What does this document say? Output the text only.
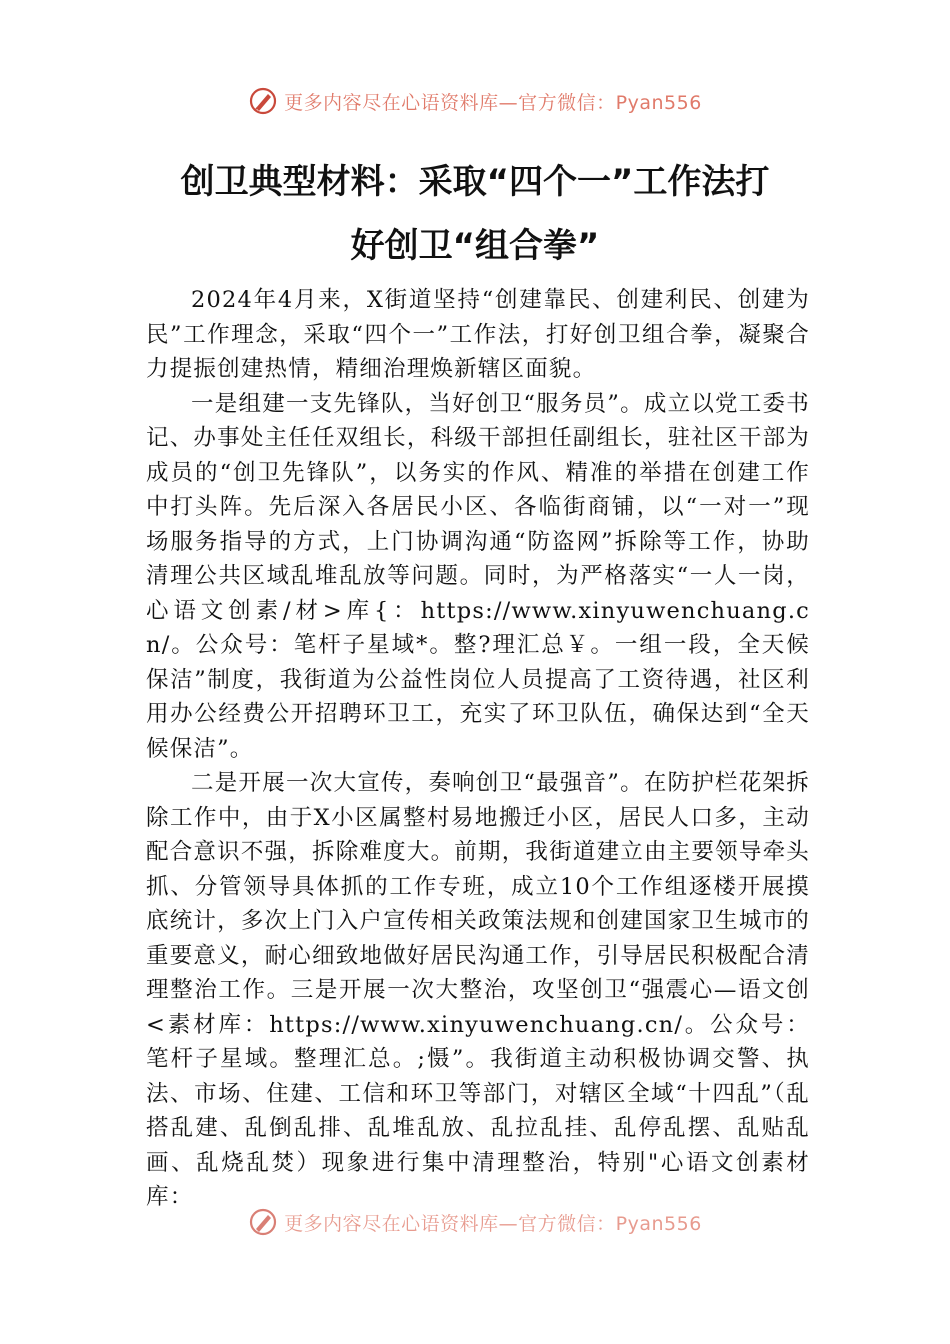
更多内容尽在心语资料库—官方微信：Pyan556
创卫典型材料：采取“四个一”工作法打
好创卫“组合拳”

2024年4月来，X街道坚持“创建靠民、创建利民、创建为民”工作理念，采取“四个一”工作法，打好创卫组合拳，凝聚合力提振创建热情，精细治理焕新辖区面貌。

一是组建一支先锋队，当好创卫“服务员”。成立以党工委书记、办事处主任任双组长，科级干部担任副组长，驻社区干部为成员的“创卫先锋队”，以务实的作风、精准的举措在创建工作中打头阵。先后深入各居民小区、各临街商铺，以“一对一”现场服务指导的方式，上门协调沟通“防盗网”拆除等工作，协助清理公共区域乱堆乱放等问题。同时，为严格落实“一人一岗，心语文创素/材>库{：https://www.xinyuwenchuang.cn/。公众号：笔杆子星域*。整?理汇总￥。一组一段，全天候保洁”制度，我街道为公益性岗位人员提高了工资待遇，社区利用办公经费公开招聘环卫工，充实了环卫队伍，确保达到“全天候保洁”。

二是开展一次大宣传，奏响创卫“最强音”。在防护栏花架拆除工作中，由于X小区属整村易地搬迁小区，居民人口多，主动配合意识不强，拆除难度大。前期，我街道建立由主要领导牵头抓、分管领导具体抓的工作专班，成立10个工作组逐楼开展摸底统计，多次上门入户宣传相关政策法规和创建国家卫生城市的重要意义，耐心细致地做好居民沟通工作，引导居民积极配合清理整治工作。三是开展一次大整治，攻坚创卫“强震心—语文创<素材库：https://www.xinyuwenchuang.cn/。公众号：笔杆子星域。整理汇总。;慑”。我街道主动积极协调交警、执法、市场、住建、工信和环卫等部门，对辖区全域“十四乱”（乱搭乱建、乱倒乱排、乱堆乱放、乱拉乱挂、乱停乱摆、乱贴乱画、乱烧乱焚）现象进行集中清理整治，特别"心语文创素材库：

更多内容尽在心语资料库—官方微信：Pyan556
